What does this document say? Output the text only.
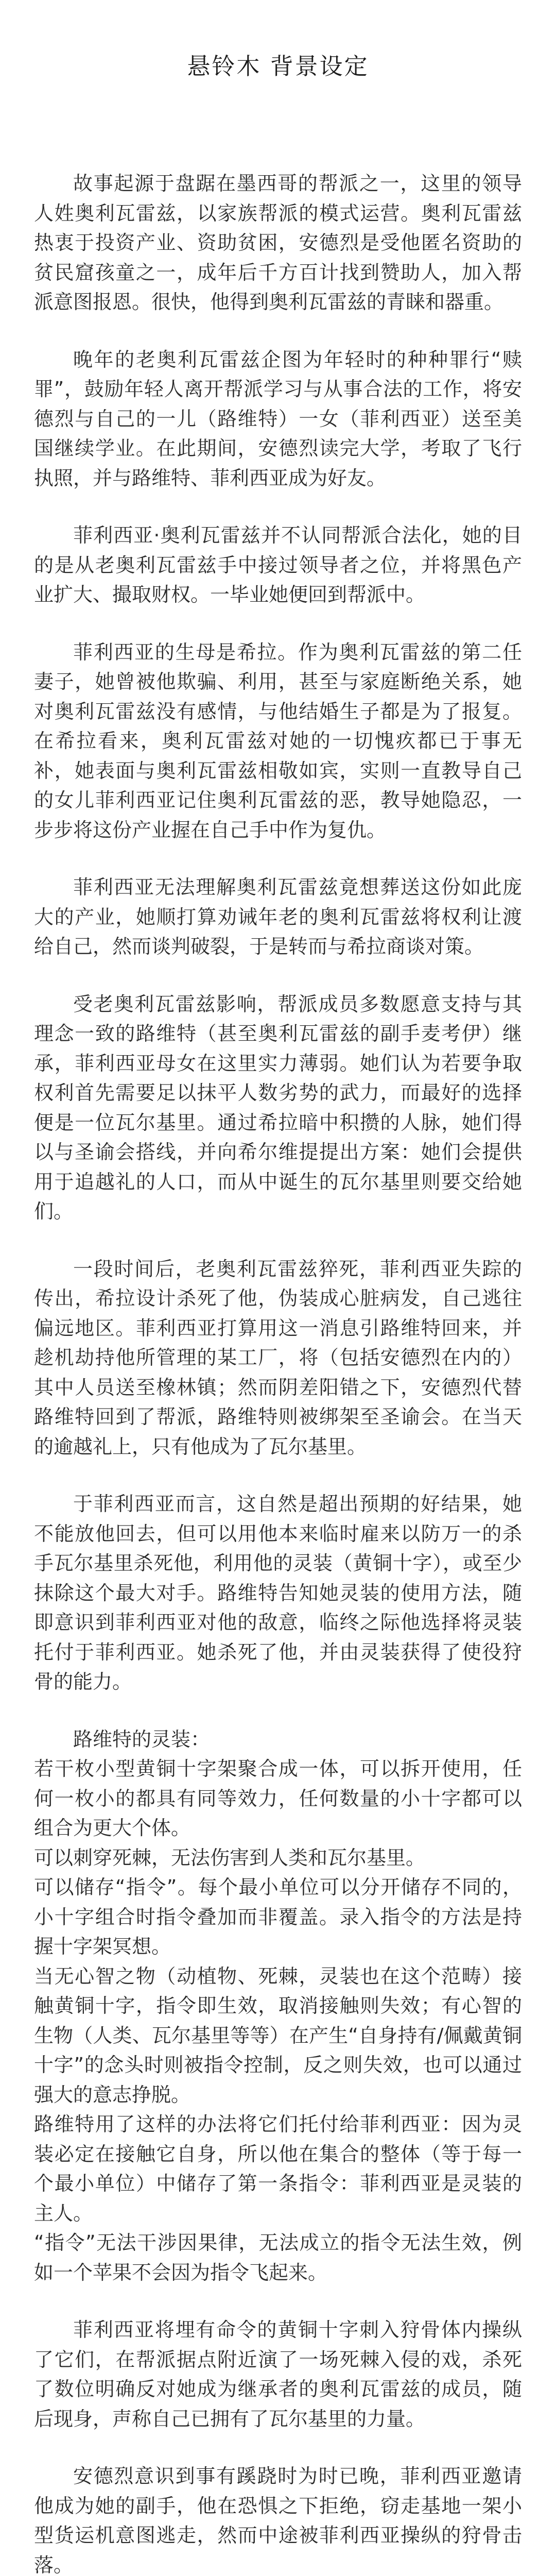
悬铃木 背景设定

故事起源于盘踞在墨西哥的帮派之一，这里的领导人姓奥利瓦雷兹，以家族帮派的模式运营。奥利瓦雷兹热衷于投资产业、资助贫困，安德烈是受他匿名资助的贫民窟孩童之一，成年后千方百计找到赞助人，加入帮派意图报恩。很快，他得到奥利瓦雷兹的青睐和器重。

晚年的老奥利瓦雷兹企图为年轻时的种种罪行“赎罪”，鼓励年轻人离开帮派学习与从事合法的工作，将安德烈与自己的一儿（路维特）一女（菲利西亚）送至美国继续学业。在此期间，安德烈读完大学，考取了飞行执照，并与路维特、菲利西亚成为好友。

菲利西亚·奥利瓦雷兹并不认同帮派合法化，她的目的是从老奥利瓦雷兹手中接过领导者之位，并将黑色产业扩大、撮取财权。一毕业她便回到帮派中。

菲利西亚的生母是希拉。作为奥利瓦雷兹的第二任妻子，她曾被他欺骗、利用，甚至与家庭断绝关系，她对奥利瓦雷兹没有感情，与他结婚生子都是为了报复。在希拉看来，奥利瓦雷兹对她的一切愧疚都已于事无补，她表面与奥利瓦雷兹相敬如宾，实则一直教导自己的女儿菲利西亚记住奥利瓦雷兹的恶，教导她隐忍，一步步将这份产业握在自己手中作为复仇。

菲利西亚无法理解奥利瓦雷兹竟想葬送这份如此庞大的产业，她顺打算劝诫年老的奥利瓦雷兹将权利让渡给自己，然而谈判破裂，于是转而与希拉商谈对策。

受老奥利瓦雷兹影响，帮派成员多数愿意支持与其理念一致的路维特（甚至奥利瓦雷兹的副手麦考伊）继承，菲利西亚母女在这里实力薄弱。她们认为若要争取权利首先需要足以抹平人数劣势的武力，而最好的选择便是一位瓦尔基里。通过希拉暗中积攒的人脉，她们得以与圣谕会搭线，并向希尔维提提出方案：她们会提供用于追越礼的人口，而从中诞生的瓦尔基里则要交给她们。

一段时间后，老奥利瓦雷兹猝死，菲利西亚失踪的传出，希拉设计杀死了他，伪装成心脏病发，自己逃往偏远地区。菲利西亚打算用这一消息引路维特回来，并趁机劫持他所管理的某工厂，将（包括安德烈在内的）其中人员送至橡林镇；然而阴差阳错之下，安德烈代替路维特回到了帮派，路维特则被绑架至圣谕会。在当天的逾越礼上，只有他成为了瓦尔基里。

于菲利西亚而言，这自然是超出预期的好结果，她不能放他回去，但可以用他本来临时雇来以防万一的杀手瓦尔基里杀死他，利用他的灵装（黄铜十字），或至少抹除这个最大对手。路维特告知她灵装的使用方法，随即意识到菲利西亚对他的敌意，临终之际他选择将灵装托付于菲利西亚。她杀死了他，并由灵装获得了使役狩骨的能力。

路维特的灵装：
若干枚小型黄铜十字架聚合成一体，可以拆开使用，任何一枚小的都具有同等效力，任何数量的小十字都可以组合为更大个体。
可以刺穿死棘，无法伤害到人类和瓦尔基里。
可以储存“指令”。每个最小单位可以分开储存不同的，小十字组合时指令叠加而非覆盖。录入指令的方法是持握十字架冥想。
当无心智之物（动植物、死棘，灵装也在这个范畴）接触黄铜十字，指令即生效，取消接触则失效；有心智的生物（人类、瓦尔基里等等）在产生“自身持有/佩戴黄铜十字”的念头时则被指令控制，反之则失效，也可以通过强大的意志挣脱。
路维特用了这样的办法将它们托付给菲利西亚：因为灵装必定在接触它自身，所以他在集合的整体（等于每一个最小单位）中储存了第一条指令：菲利西亚是灵装的主人。
“指令”无法干涉因果律，无法成立的指令无法生效，例如一个苹果不会因为指令飞起来。

菲利西亚将埋有命令的黄铜十字刺入狩骨体内操纵了它们，在帮派据点附近演了一场死棘入侵的戏，杀死了数位明确反对她成为继承者的奥利瓦雷兹的成员，随后现身，声称自己已拥有了瓦尔基里的力量。

安德烈意识到事有蹊跷时为时已晚，菲利西亚邀请他成为她的副手，他在恐惧之下拒绝，窃走基地一架小型货运机意图逃走，然而中途被菲利西亚操纵的狩骨击落。
